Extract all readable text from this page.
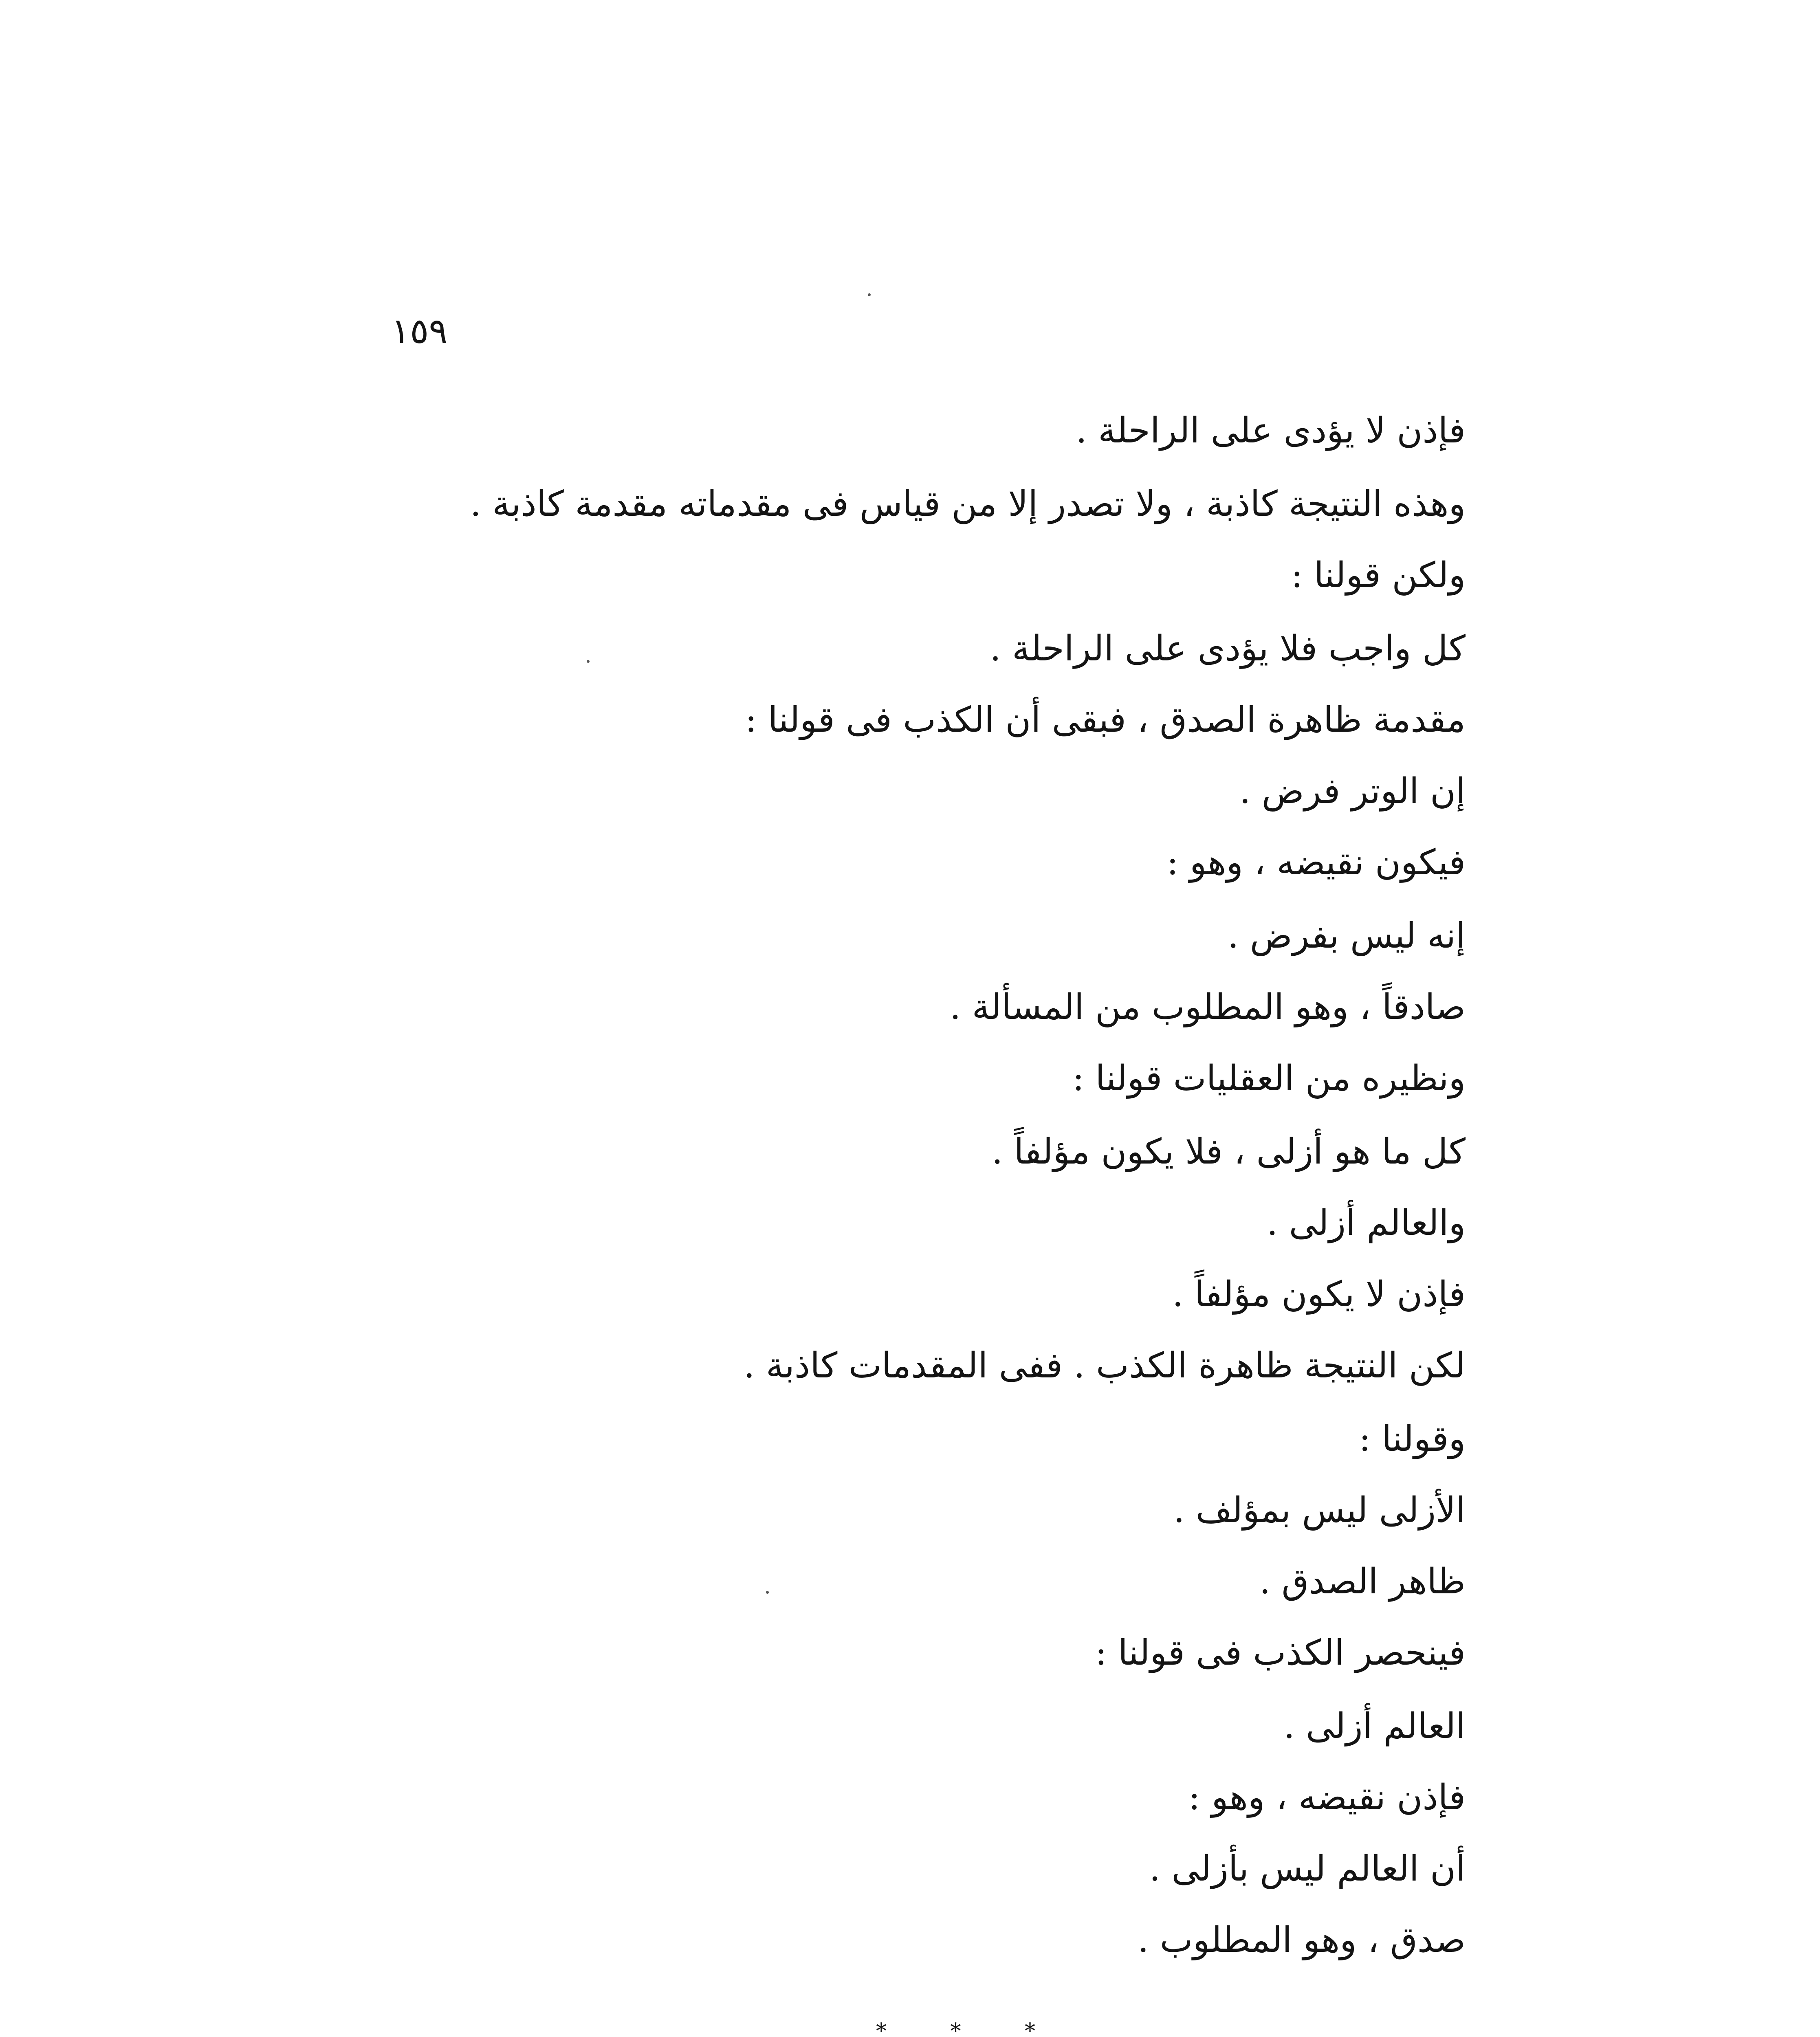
١٥٩
فإذن لا يؤدى على الراحلة .
وهذه النتيجة كاذبة ، ولا تصدر إلا من قياس فى مقدماته مقدمة كاذبة .
ولكن قولنا :
كل واجب فلا يؤدى على الراحلة .
مقدمة ظاهرة الصدق ، فبقى أن الكذب فى قولنا :
إن الوتر فرض .
فيكون نقيضه ، وهو :
إنه ليس بفرض .
صادقاً ، وهو المطلوب من المسألة .
ونظيره من العقليات قولنا :
كل ما هو أزلى ، فلا يكون مؤلفاً .
والعالم أزلى .
فإذن لا يكون مؤلفاً .
لكن النتيجة ظاهرة الكذب . ففى المقدمات كاذبة .
وقولنا :
الأزلى ليس بمؤلف .
ظاهر الصدق .
فينحصر الكذب فى قولنا :
العالم أزلى .
فإذن نقيضه ، وهو :
أن العالم ليس بأزلى .
صدق ، وهو المطلوب .
* * *
